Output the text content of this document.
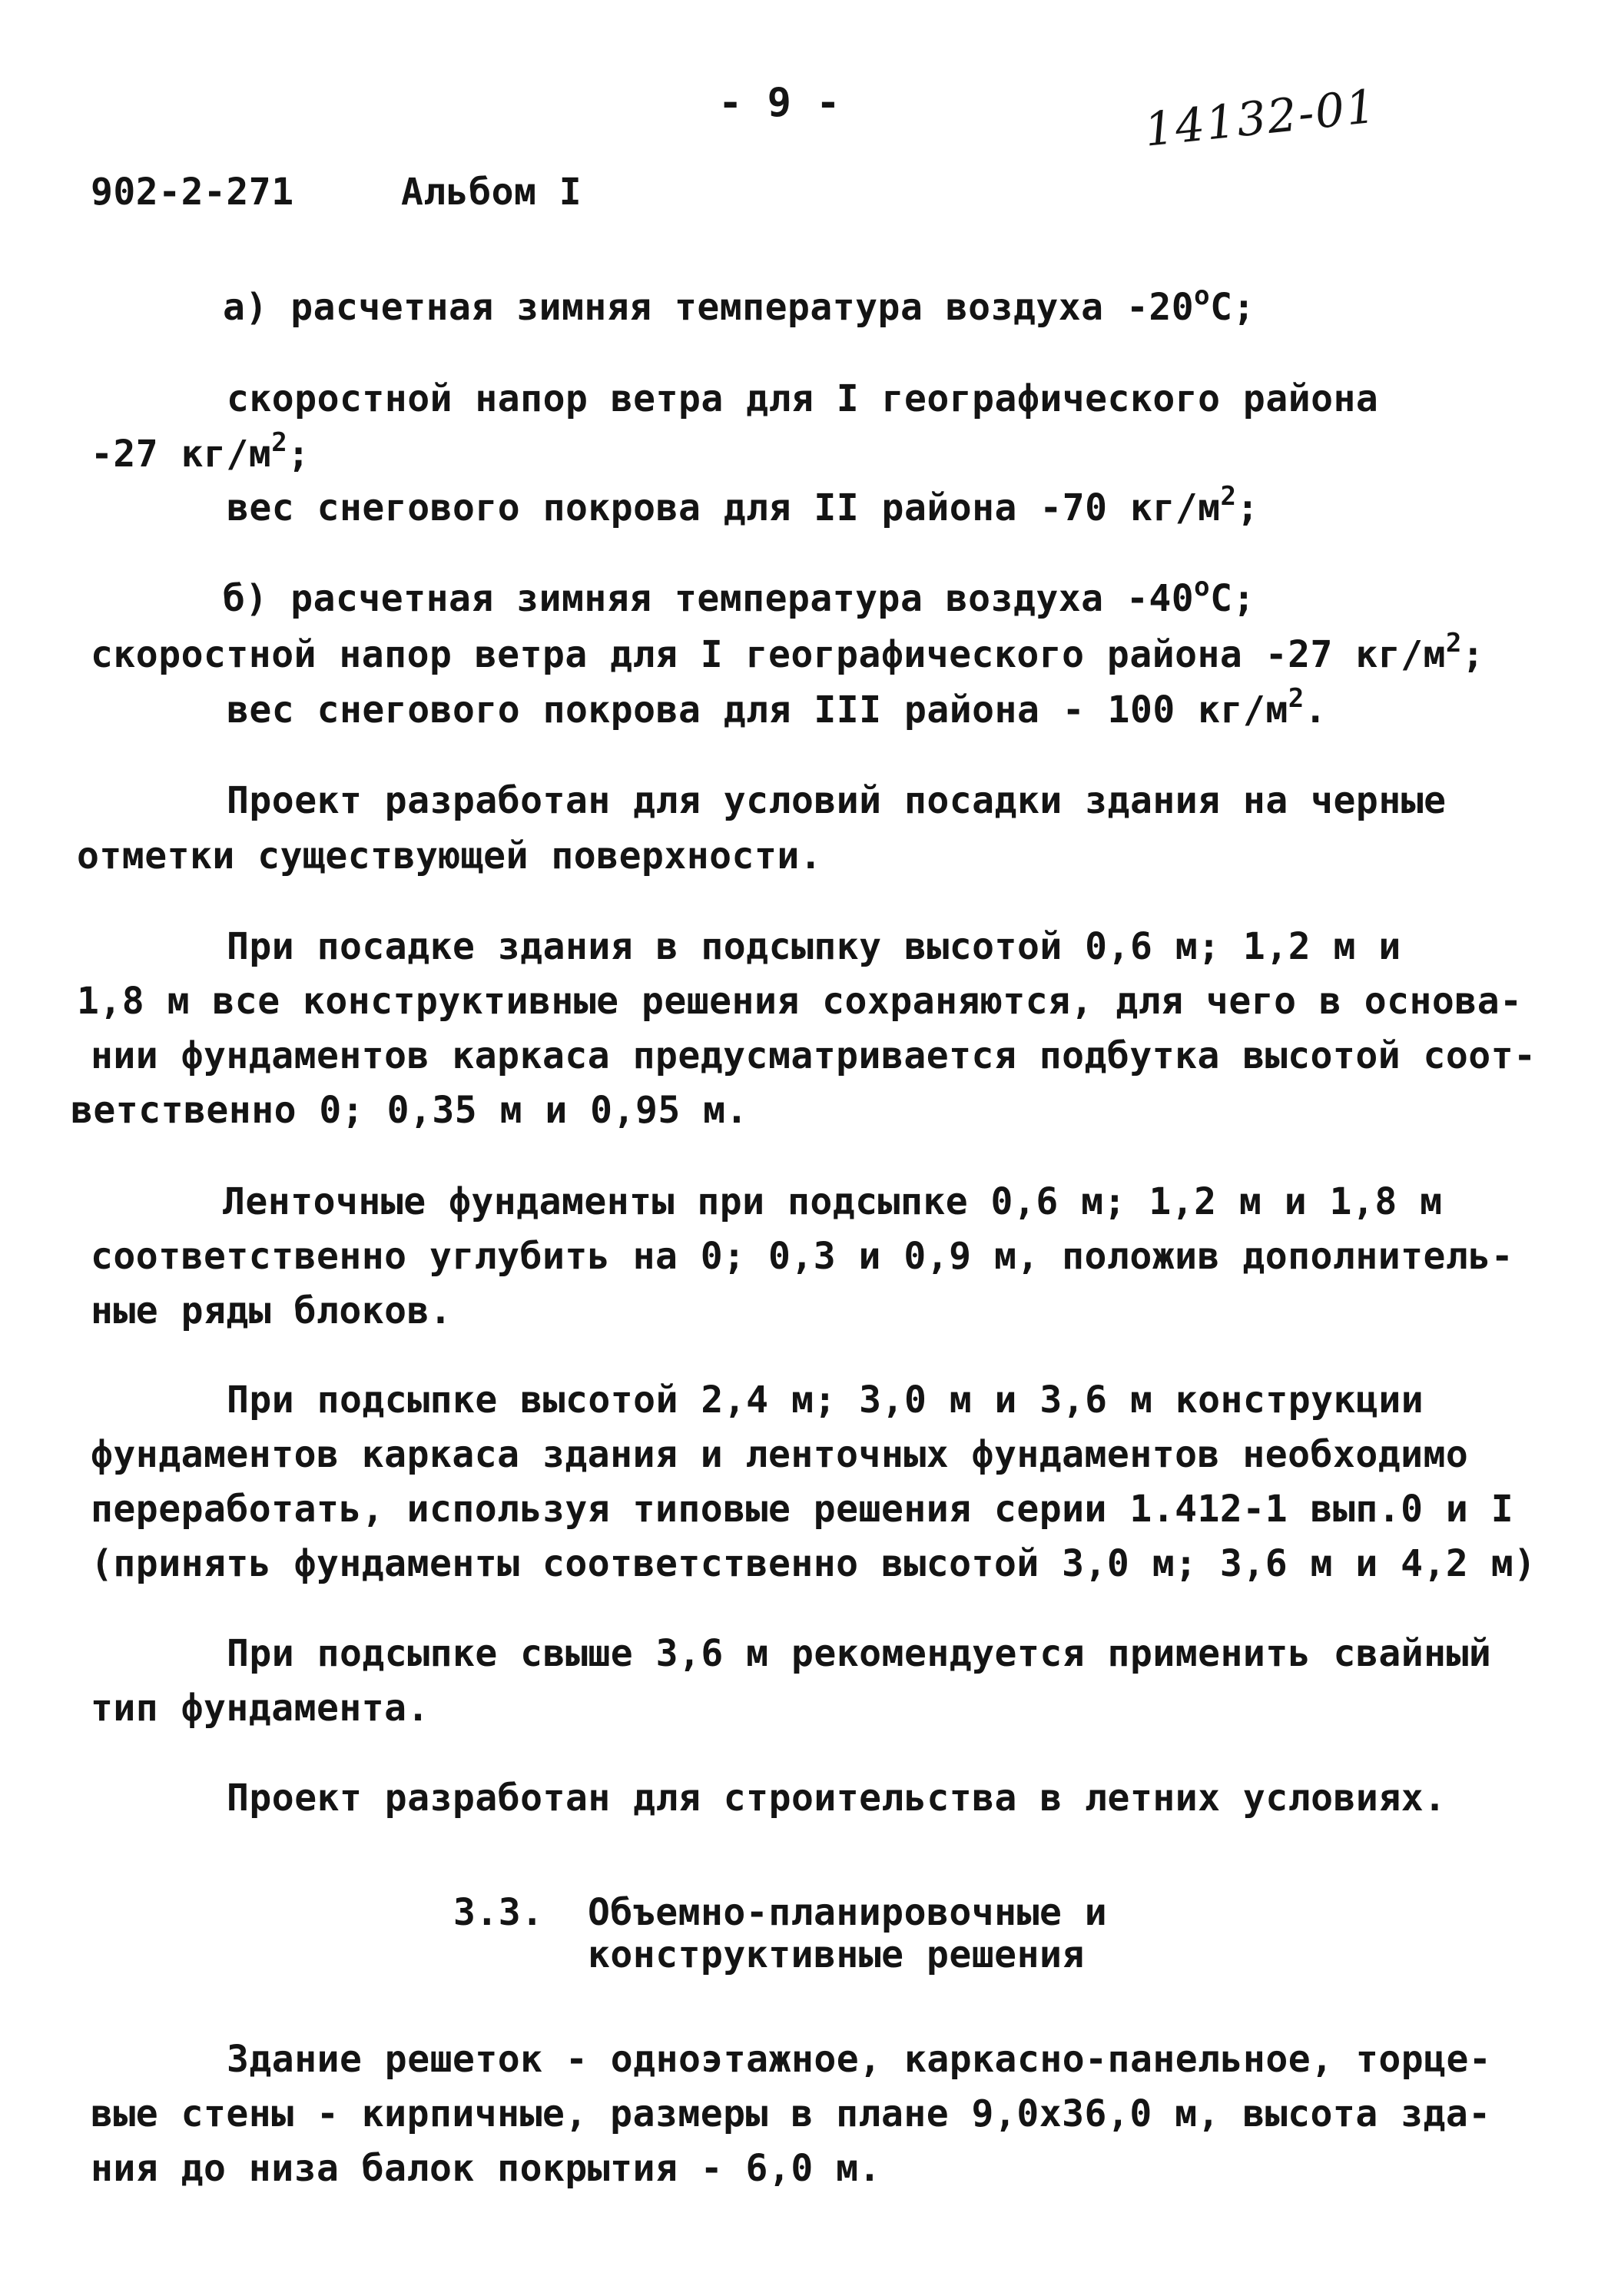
- 9 -	14132-01
902-2-271	Альбом I
а) расчетная зимняя температура воздуха $-20^оС$;
скоростной напор ветра для I географического района
-27 $кг/м^2$;
вес снегового покрова для II района -70 $кг/м^2$;
б) расчетная зимняя температура воздуха $-40^оС$;
скоростной напор ветра для I географического района -27 $кг/м^2$;
вес снегового покрова для III района - 100 $кг/м^2$.
Проект разработан для условий посадки здания на черные
отметки существующей поверхности.
При посадке здания в подсыпку высотой 0,6 м; 1,2 м и
1,8 м все конструктивные решения сохраняются, для чего в основа-
нии фундаментов каркаса предусматривается подбутка высотой соот-
ветственно 0; 0,35 м и 0,95 м.
Ленточные фундаменты при подсыпке 0,6 м; 1,2 м и 1,8 м
соответственно углубить на 0; 0,3 и 0,9 м, положив дополнитель-
ные ряды блоков.
При подсыпке высотой 2,4 м; 3,0 м и 3,6 м конструкции
фундаментов каркаса здания и ленточных фундаментов необходимо
переработать, используя типовые решения серии 1.412-1 вып.0 и I
(принять фундаменты соответственно высотой 3,0 м; 3,6 м и 4,2 м)
При подсыпке свыше 3,6 м рекомендуется применить свайный
тип фундамента.
Проект разработан для строительства в летних условиях.
3.3. Объемно-планировочные и
конструктивные решения
Здание решеток - одноэтажное, каркасно-панельное, торце-
вые стены - кирпичные, размеры в плане 9,0х36,0 м, высота зда-
ния до низа балок покрытия - 6,0 м.
